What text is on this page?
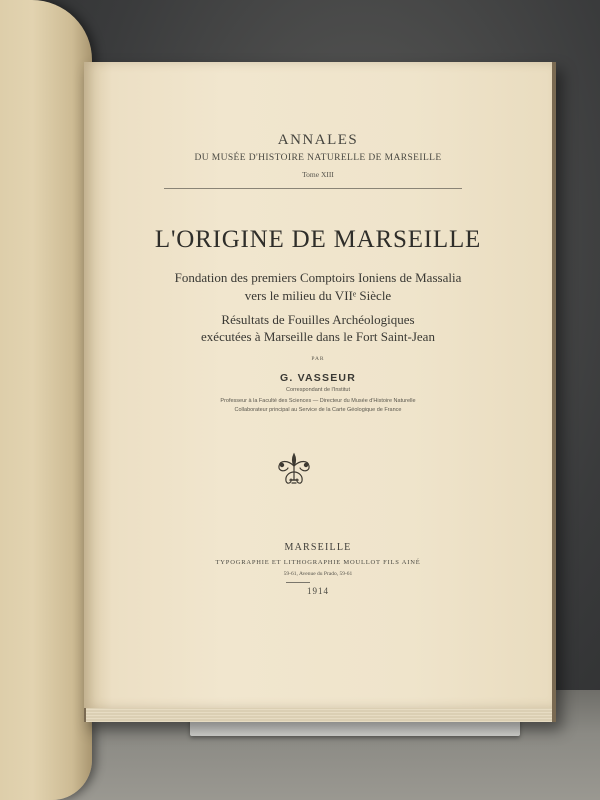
ANNALES
DU MUSÉE D'HISTOIRE NATURELLE DE MARSEILLE
Tome XIII
L'ORIGINE DE MARSEILLE
Fondation des premiers Comptoirs Ioniens de Massalia
vers le milieu du VIIᵉ Siècle
Résultats de Fouilles Archéologiques
exécutées à Marseille dans le Fort Saint-Jean
PAR
G. VASSEUR
Correspondant de l'Institut
Professeur à la Faculté des Sciences — Directeur du Musée d'Histoire Naturelle
Collaborateur principal au Service de la Carte Géologique de France
MARSEILLE
TYPOGRAPHIE ET LITHOGRAPHIE MOULLOT FILS AINÉ
59-61, Avenue du Prado, 59-61
1914
